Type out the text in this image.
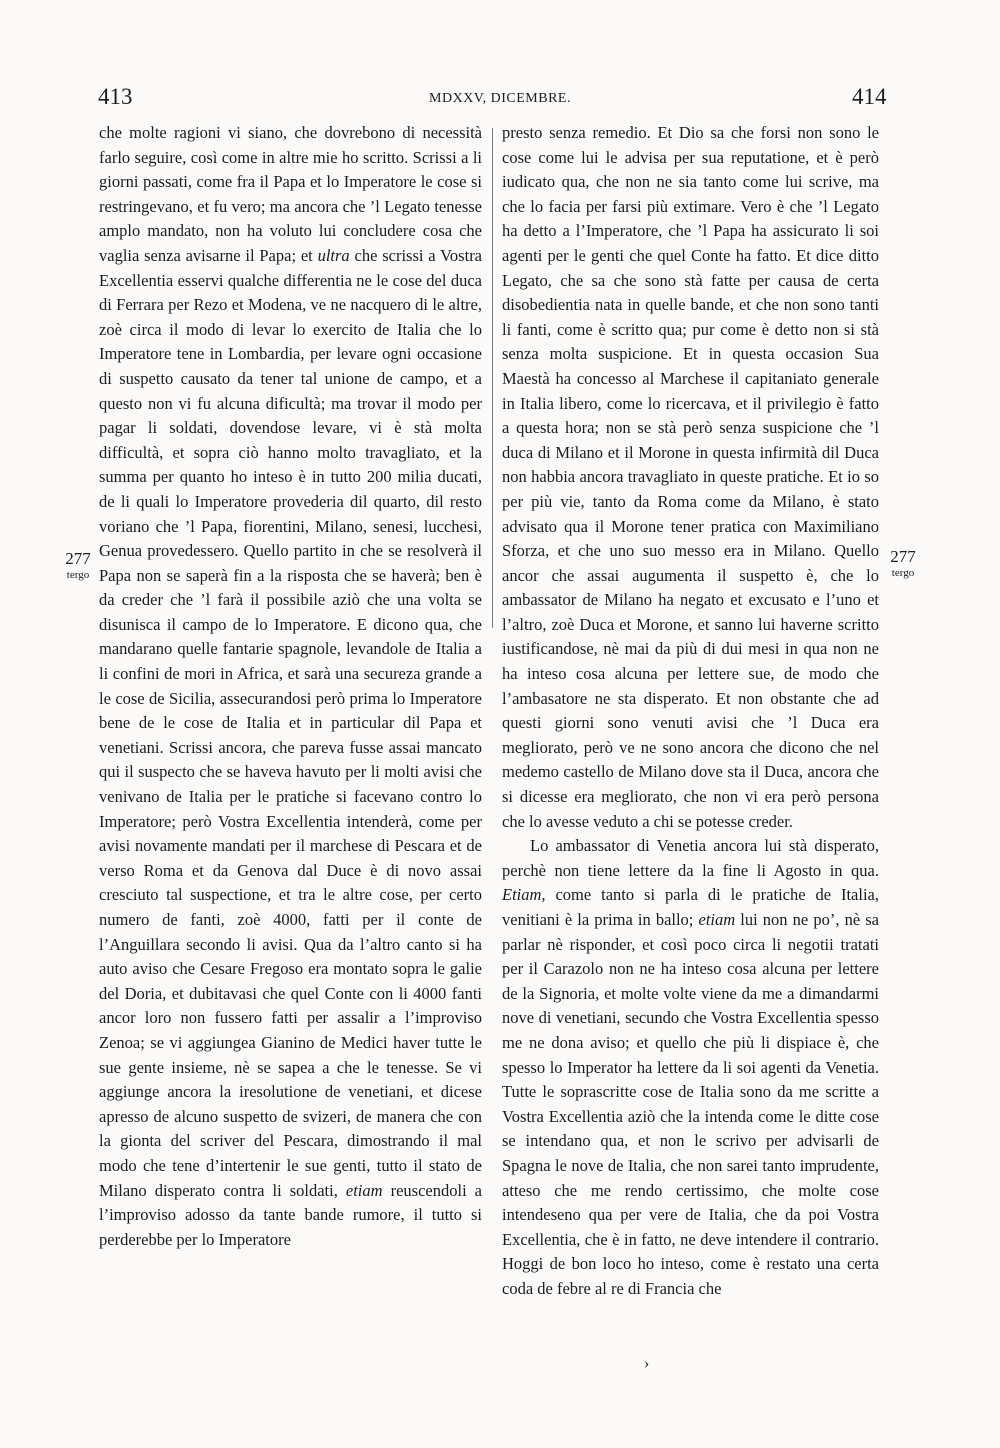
413	MDXXV, DICEMBRE.	414

che molte ragioni vi siano, che dovrebono di necessità farlo seguire, così come in altre mie ho scritto. Scrissi a li giorni passati, come fra il Papa et lo Imperatore le cose si restringevano, et fu vero; ma ancora che ’l Legato tenesse amplo mandato, non ha voluto lui concludere cosa che vaglia senza avisarne il Papa; et ultra che scrissi a Vostra Excellentia esservi qualche differentia ne le cose del duca di Ferrara per Rezo et Modena, ve ne nacquero di le altre, zoè circa il modo di levar lo exercito de Italia che lo Imperatore tene in Lombardia, per levare ogni occasione di suspetto causato da tener tal unione de campo, et a questo non vi fu alcuna dificultà; ma trovar il modo per pagar li soldati, dovendose levare, vi è stà molta difficultà, et sopra ciò hanno molto travagliato, et la summa per quanto ho inteso è in tutto 200 milia ducati, de li quali lo Imperatore provederia dil quarto, dil resto voriano che ’l Papa, fiorentini, Milano, senesi, lucchesi, Genua provedessero. Quello partito in che se resolverà il Papa non se saperà fin a la risposta che se haverà; ben è da creder che ’l farà il possibile aziò che una volta se disunisca il campo de lo Imperatore. E dicono qua, che mandarano quelle fantarie spagnole, levandole de Italia a li confini de mori in Africa, et sarà una secureza grande a le cose de Sicilia, assecurandosi però prima lo Imperatore bene de le cose de Italia et in particular dil Papa et venetiani. Scrissi ancora, che pareva fusse assai mancato qui il suspecto che se haveva havuto per li molti avisi che venivano de Italia per le pratiche si facevano contro lo Imperatore; però Vostra Excellentia intenderà, come per avisi novamente mandati per il marchese di Pescara et de verso Roma et da Genova dal Duce è di novo assai cresciuto tal suspectione, et tra le altre cose, per certo numero de fanti, zoè 4000, fatti per il conte de l’Anguillara secondo li avisi. Qua da l’altro canto si ha auto aviso che Cesare Fregoso era montato sopra le galie del Doria, et dubitavasi che quel Conte con li 4000 fanti ancor loro non fussero fatti per assalir a l’improviso Zenoa; se vi aggiungea Gianino de Medici haver tutte le sue gente insieme, nè se sapea a che le tenesse. Se vi aggiunge ancora la iresolutione de venetiani, et dicese apresso de alcuno suspetto de svizeri, de manera che con la gionta del scriver del Pescara, dimostrando il mal modo che tene d’intertenir le sue genti, tutto il stato de Milano disperato contra li soldati, etiam reuscendoli a l’improviso adosso da tante bande rumore, il tutto si perderebbe per lo Imperatore

presto senza remedio. Et Dio sa che forsi non sono le cose come lui le advisa per sua reputatione, et è però iudicato qua, che non ne sia tanto come lui scrive, ma che lo facia per farsi più extimare. Vero è che ’l Legato ha detto a l’Imperatore, che ’l Papa ha assicurato li soi agenti per le genti che quel Conte ha fatto. Et dice ditto Legato, che sa che sono stà fatte per causa de certa disobedientia nata in quelle bande, et che non sono tanti li fanti, come è scritto qua; pur come è detto non si stà senza molta suspicione. Et in questa occasion Sua Maestà ha concesso al Marchese il capitaniato generale in Italia libero, come lo ricercava, et il privilegio è fatto a questa hora; non se stà però senza suspicione che ’l duca di Milano et il Morone in questa infirmità dil Duca non habbia ancora travagliato in queste pratiche. Et io so per più vie, tanto da Roma come da Milano, è stato advisato qua il Morone tener pratica con Maximiliano Sforza, et che uno suo messo era in Milano. Quello ancor che assai augumenta il suspetto è, che lo ambassator de Milano ha negato et excusato e l’uno et l’altro, zoè Duca et Morone, et sanno lui haverne scritto iustificandose, nè mai da più di dui mesi in qua non ne ha inteso cosa alcuna per lettere sue, de modo che l’ambasatore ne sta disperato. Et non obstante che ad questi giorni sono venuti avisi che ’l Duca era megliorato, però ve ne sono ancora che dicono che nel medemo castello de Milano dove sta il Duca, ancora che si dicesse era megliorato, che non vi era però persona che lo avesse veduto a chi se potesse creder.

Lo ambassator di Venetia ancora lui stà disperato, perchè non tiene lettere da la fine li Agosto in qua. Etiam, come tanto si parla di le pratiche de Italia, venitiani è la prima in ballo; etiam lui non ne po’, nè sa parlar nè risponder, et così poco circa li negotii tratati per il Carazolo non ne ha inteso cosa alcuna per lettere de la Signoria, et molte volte viene da me a dimandarmi nove di venetiani, secundo che Vostra Excellentia spesso me ne dona aviso; et quello che più li dispiace è, che spesso lo Imperator ha lettere da li soi agenti da Venetia. Tutte le soprascritte cose de Italia sono da me scritte a Vostra Excellentia aziò che la intenda come le ditte cose se intendano qua, et non le scrivo per advisarli de Spagna le nove de Italia, che non sarei tanto imprudente, atteso che me rendo certissimo, che molte cose intendeseno qua per vere de Italia, che da poi Vostra Excellentia, che è in fatto, ne deve intendere il contrario. Hoggi de bon loco ho inteso, come è restato una certa coda de febre al re di Francia che

277
tergo
277
tergo
›
